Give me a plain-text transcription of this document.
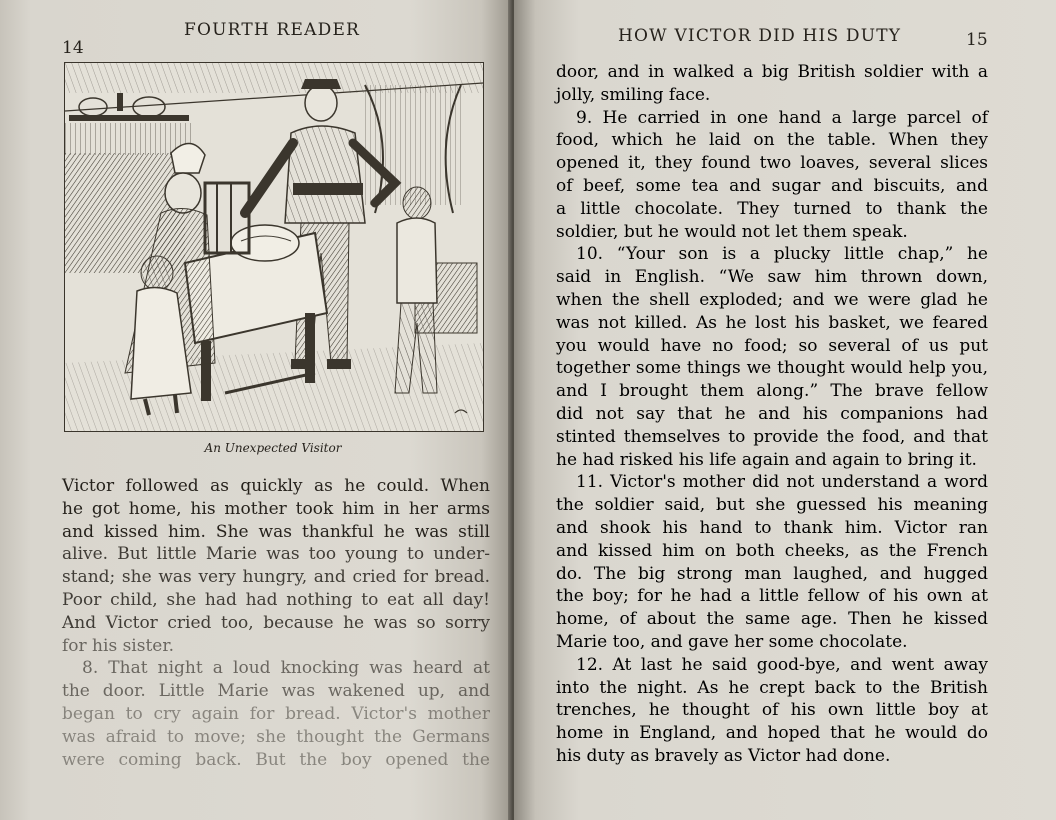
14
FOURTH READER
An Unexpected Visitor
Victor followed as quickly as he could. When
he got home, his mother took him in her arms
and kissed him. She was thankful he was still
alive. But little Marie was too young to under-
stand; she was very hungry, and cried for bread.
Poor child, she had had nothing to eat all day!
And Victor cried too, because he was so sorry
for his sister.
8. That night a loud knocking was heard at
the door. Little Marie was wakened up, and
began to cry again for bread. Victor's mother
was afraid to move; she thought the Germans
were coming back. But the boy opened the
HOW VICTOR DID HIS DUTY	15
door, and in walked a big British soldier with a
jolly, smiling face.
9. He carried in one hand a large parcel of
food, which he laid on the table. When they
opened it, they found two loaves, several slices
of beef, some tea and sugar and biscuits, and
a little chocolate. They turned to thank the
soldier, but he would not let them speak.
10. “Your son is a plucky little chap,” he
said in English. “We saw him thrown down,
when the shell exploded; and we were glad he
was not killed. As he lost his basket, we feared
you would have no food; so several of us put
together some things we thought would help you,
and I brought them along.” The brave fellow
did not say that he and his companions had
stinted themselves to provide the food, and that
he had risked his life again and again to bring it.
11. Victor's mother did not understand a word
the soldier said, but she guessed his meaning
and shook his hand to thank him. Victor ran
and kissed him on both cheeks, as the French
do. The big strong man laughed, and hugged
the boy; for he had a little fellow of his own at
home, of about the same age. Then he kissed
Marie too, and gave her some chocolate.
12. At last he said good-bye, and went away
into the night. As he crept back to the British
trenches, he thought of his own little boy at
home in England, and hoped that he would do
his duty as bravely as Victor had done.
